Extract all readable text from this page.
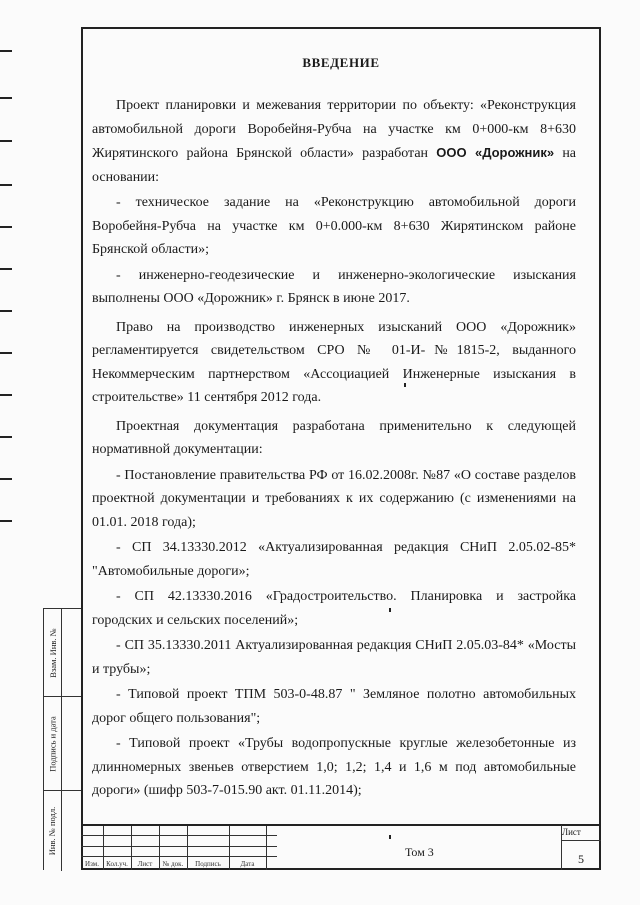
ВВЕДЕНИЕ

Проект планировки и межевания территории по объекту: «Реконструкция автомобильной дороги Воробейня-Рубча на участке км 0+000-км 8+630 Жирятинского района Брянской области» разработан ООО «Дорожник» на основании:

- техническое задание на «Реконструкцию автомобильной дороги Воробейня-Рубча на участке км 0+0.000-км 8+630 Жирятинском районе Брянской области»;

- инженерно-геодезические и инженерно-экологические изыскания выполнены ООО «Дорожник» г. Брянск в июне 2017.

Право на производство инженерных изысканий ООО «Дорожник» регламентируется свидетельством СРО № 01-И-№1815-2, выданного Некоммерческим партнерством «Ассоциацией Инженерные изыскания в строительстве» 11 сентября 2012 года.

Проектная документация разработана применительно к следующей нормативной документации:

- Постановление правительства РФ от 16.02.2008г. №87 «О составе разделов проектной документации и требованиях к их содержанию (с изменениями на 01.01. 2018 года);

- СП 34.13330.2012 «Актуализированная редакция СНиП 2.05.02-85* "Автомобильные дороги»;

- СП 42.13330.2016 «Градостроительство. Планировка и застройка городских и сельских поселений»;

- СП 35.13330.2011 Актуализированная редакция СНиП 2.05.03-84* «Мосты и трубы»;

- Типовой проект ТПМ 503-0-48.87 " Земляное полотно автомобильных дорог общего пользования";

- Типовой проект «Трубы водопропускные круглые железобетонные из длинномерных звеньев отверстием 1,0; 1,2; 1,4 и 1,6 м под автомобильные дороги» (шифр 503-7-015.90 акт. 01.11.2014);

Взам. Инв. №
Подпись и дата
Инв. № подл.
Изм.	Кол.уч.	Лист	№ док.	Подпись	Дата
Лист
5
Том 3
